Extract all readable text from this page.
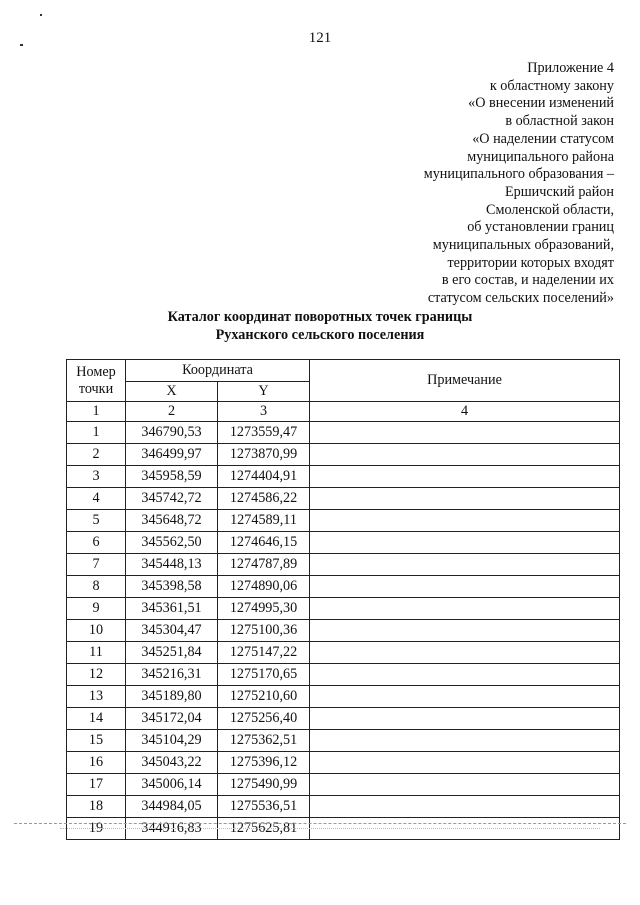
121
Приложение 4
к областному закону
«О внесении изменений
в областной закон
«О наделении статусом
муниципального района
муниципального образования –
Ершичский район
Смоленской области,
об установлении границ
муниципальных образований,
территории которых входят
в его состав, и наделении их
статусом сельских поселений»
Каталог координат поворотных точек границы
Руханского сельского поселения
Номер
точки	Координата		Примечание
	X	Y	
1	2	3	4
1	346790,53	1273559,47	
2	346499,97	1273870,99	
3	345958,59	1274404,91	
4	345742,72	1274586,22	
5	345648,72	1274589,11	
6	345562,50	1274646,15	
7	345448,13	1274787,89	
8	345398,58	1274890,06	
9	345361,51	1274995,30	
10	345304,47	1275100,36	
11	345251,84	1275147,22	
12	345216,31	1275170,65	
13	345189,80	1275210,60	
14	345172,04	1275256,40	
15	345104,29	1275362,51	
16	345043,22	1275396,12	
17	345006,14	1275490,99	
18	344984,05	1275536,51	
19	344916,83	1275625,81	
